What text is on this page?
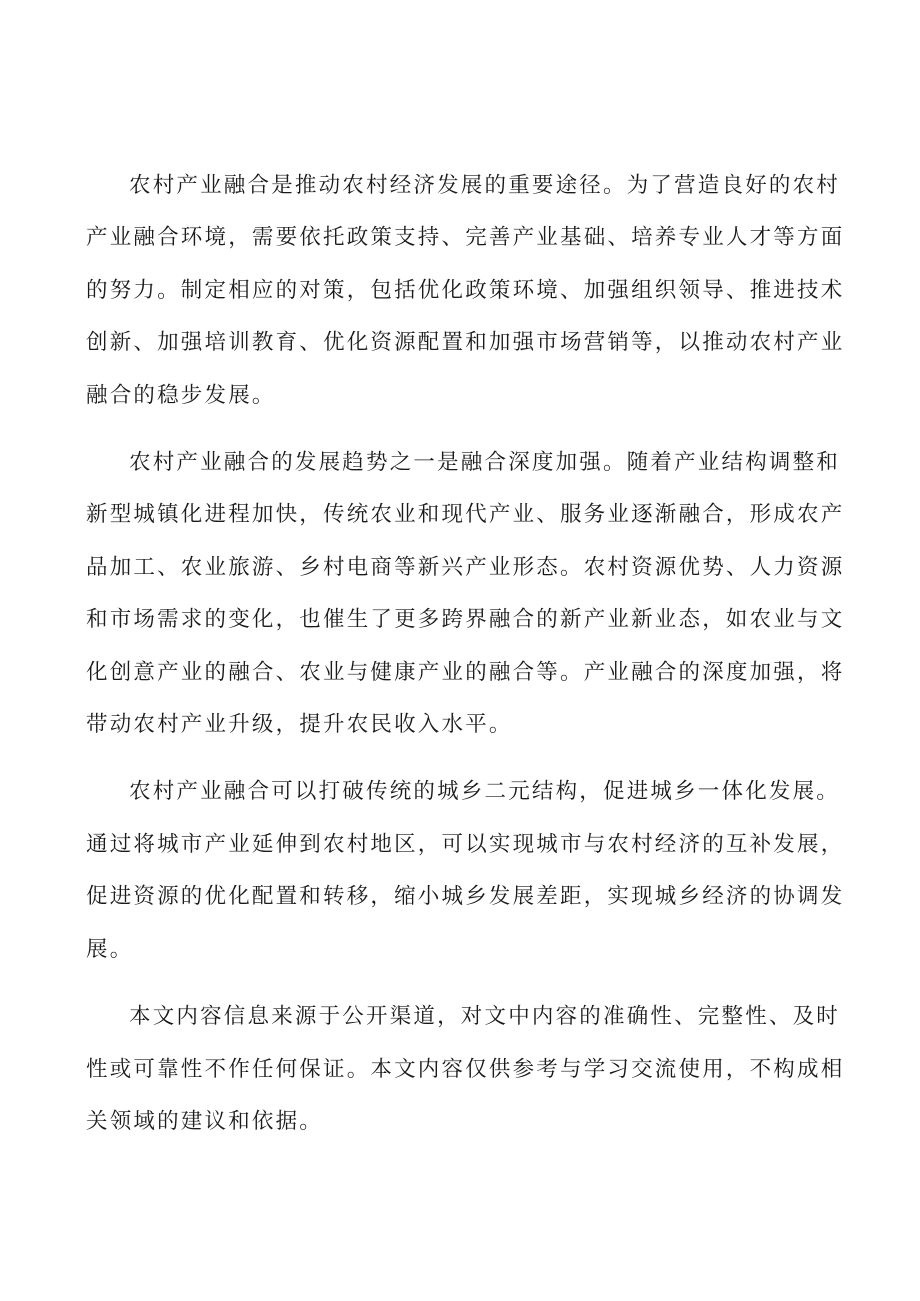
农村产业融合是推动农村经济发展的重要途径。为了营造良好的农村产业融合环境，需要依托政策支持、完善产业基础、培养专业人才等方面的努力。制定相应的对策，包括优化政策环境、加强组织领导、推进技术创新、加强培训教育、优化资源配置和加强市场营销等，以推动农村产业融合的稳步发展。

农村产业融合的发展趋势之一是融合深度加强。随着产业结构调整和新型城镇化进程加快，传统农业和现代产业、服务业逐渐融合，形成农产品加工、农业旅游、乡村电商等新兴产业形态。农村资源优势、人力资源和市场需求的变化，也催生了更多跨界融合的新产业新业态，如农业与文化创意产业的融合、农业与健康产业的融合等。产业融合的深度加强，将带动农村产业升级，提升农民收入水平。

农村产业融合可以打破传统的城乡二元结构，促进城乡一体化发展。通过将城市产业延伸到农村地区，可以实现城市与农村经济的互补发展，促进资源的优化配置和转移，缩小城乡发展差距，实现城乡经济的协调发展。

本文内容信息来源于公开渠道，对文中内容的准确性、完整性、及时性或可靠性不作任何保证。本文内容仅供参考与学习交流使用，不构成相关领域的建议和依据。
